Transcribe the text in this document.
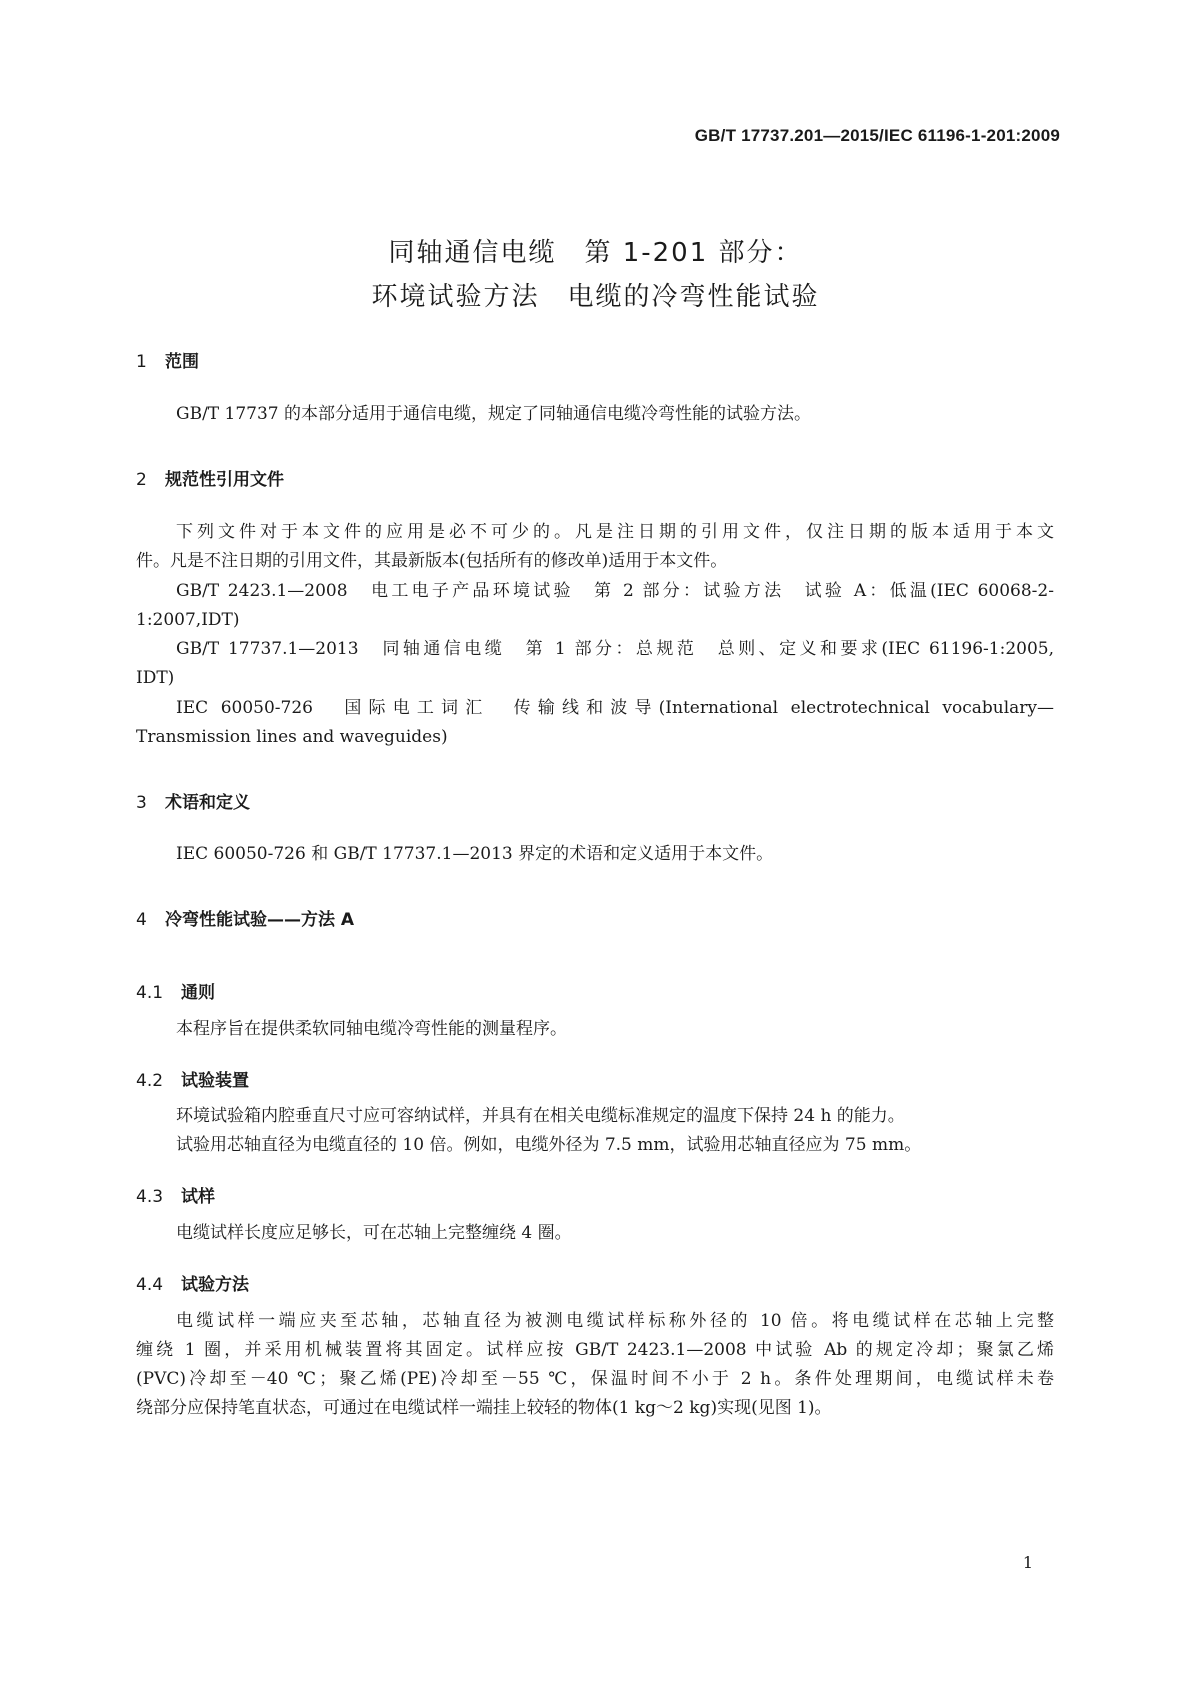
GB/T 17737.201—2015/IEC 61196-1-201:2009
同轴通信电缆　第 1-201 部分：
环境试验方法　电缆的冷弯性能试验
1 范围
GB/T 17737 的本部分适用于通信电缆，规定了同轴通信电缆冷弯性能的试验方法。
2 规范性引用文件
下列文件对于本文件的应用是必不可少的。凡是注日期的引用文件，仅注日期的版本适用于本文
件。凡是不注日期的引用文件，其最新版本(包括所有的修改单)适用于本文件。
GB/T 2423.1—2008　电工电子产品环境试验　第 2 部分：试验方法　试验 A：低温(IEC 60068-2-
1:2007,IDT)
GB/T 17737.1—2013　同轴通信电缆　第 1 部分：总规范　总则、定义和要求(IEC 61196-1:2005,
IDT)
IEC 60050-726　国际电工词汇　传输线和波导(International electrotechnical vocabulary—
Transmission lines and waveguides)
3 术语和定义
IEC 60050-726 和 GB/T 17737.1—2013 界定的术语和定义适用于本文件。
4 冷弯性能试验——方法 A
4.1 通则
本程序旨在提供柔软同轴电缆冷弯性能的测量程序。
4.2 试验装置
环境试验箱内腔垂直尺寸应可容纳试样，并具有在相关电缆标准规定的温度下保持 24 h 的能力。
试验用芯轴直径为电缆直径的 10 倍。例如，电缆外径为 7.5 mm，试验用芯轴直径应为 75 mm。
4.3 试样
电缆试样长度应足够长，可在芯轴上完整缠绕 4 圈。
4.4 试验方法
电缆试样一端应夹至芯轴，芯轴直径为被测电缆试样标称外径的 10 倍。将电缆试样在芯轴上完整
缠绕 1 圈，并采用机械装置将其固定。试样应按 GB/T 2423.1—2008 中试验 Ab 的规定冷却；聚氯乙烯
(PVC)冷却至－40 ℃；聚乙烯(PE)冷却至－55 ℃，保温时间不小于 2 h。条件处理期间，电缆试样未卷
绕部分应保持笔直状态，可通过在电缆试样一端挂上较轻的物体(1 kg～2 kg)实现(见图 1)。
1
